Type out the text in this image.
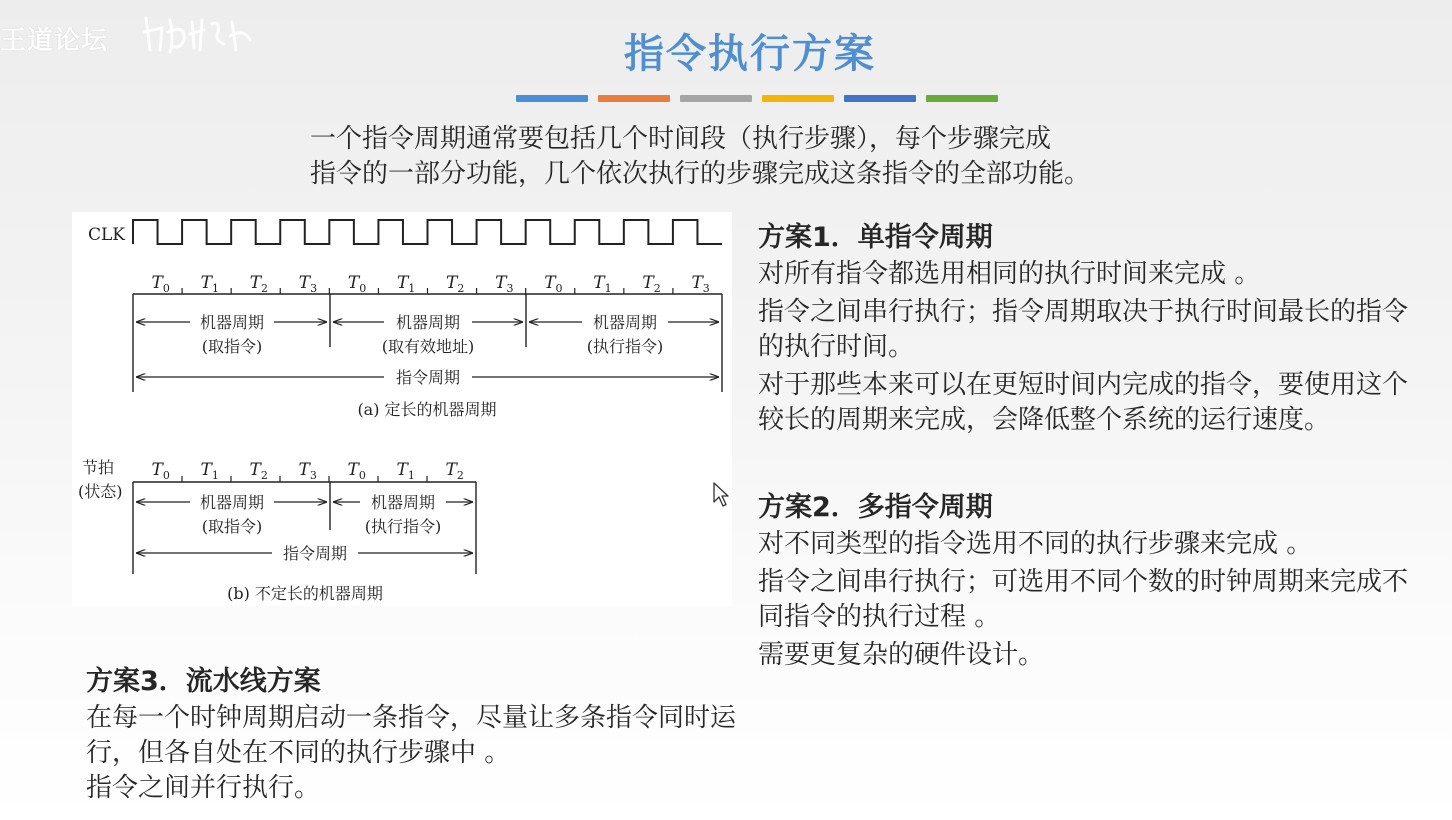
王道论坛	指令执行方案
一个指令周期通常要包括几个时间段（执行步骤），每个步骤完成
指令的一部分功能，几个依次执行的步骤完成这条指令的全部功能。
CLK
$T_0$ $T_1$ $T_2$ $T_3$ $T_0$ $T_1$ $T_2$ $T_3$ $T_0$ $T_1$ $T_2$ $T_3$
机器周期
(取指令)
机器周期
(取有效地址)
机器周期
(执行指令)
指令周期
(a) 定长的机器周期
节拍
(状态)
$T_0$ $T_1$ $T_2$ $T_3$ $T_0$ $T_1$ $T_2$
机器周期
(取指令)
机器周期
(执行指令)
指令周期
(b) 不定长的机器周期
方案1．单指令周期

对所有指令都选用相同的执行时间来完成 。

指令之间串行执行；指令周期取决于执行时间最长的指令的执行时间。

对于那些本来可以在更短时间内完成的指令，要使用这个较长的周期来完成，会降低整个系统的运行速度。

方案2．多指令周期

对不同类型的指令选用不同的执行步骤来完成 。

指令之间串行执行；可选用不同个数的时钟周期来完成不同指令的执行过程 。

需要更复杂的硬件设计。

方案3．流水线方案

在每一个时钟周期启动一条指令，尽量让多条指令同时运行，但各自处在不同的执行步骤中 。

指令之间并行执行。
